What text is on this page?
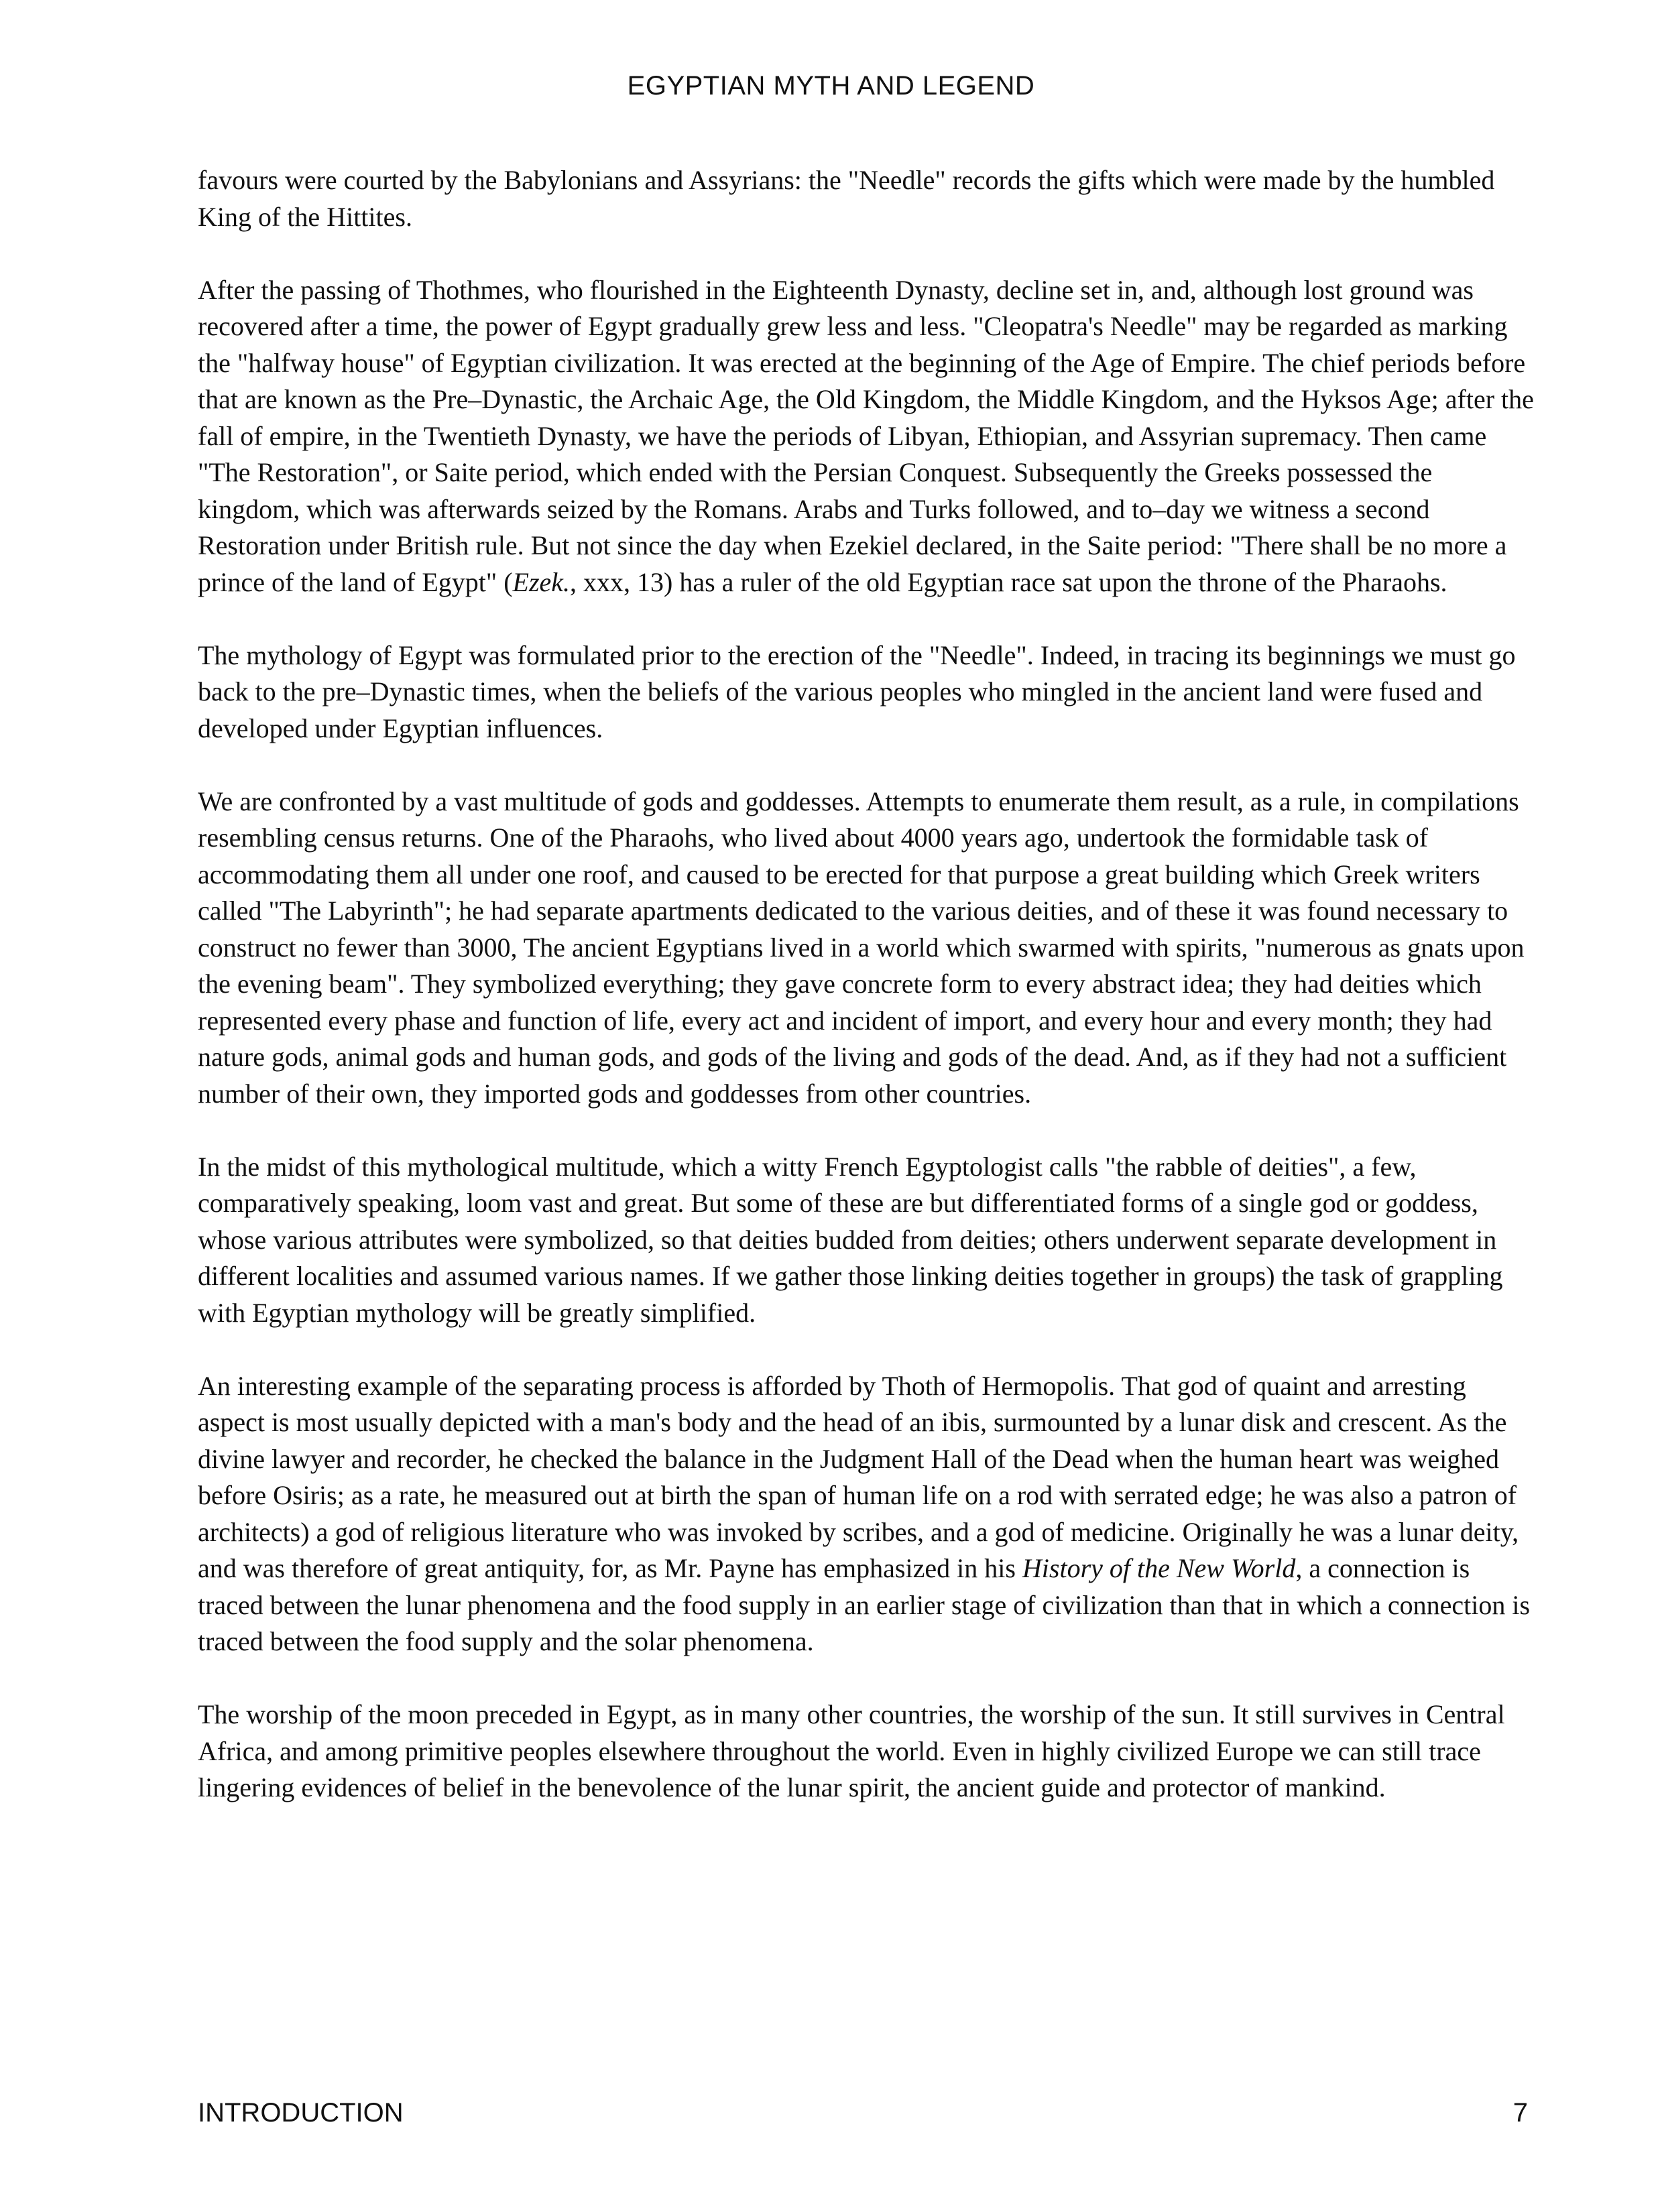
EGYPTIAN MYTH AND LEGEND

favours were courted by the Babylonians and Assyrians: the "Needle" records the gifts which were made by the humbled King of the Hittites.

After the passing of Thothmes, who flourished in the Eighteenth Dynasty, decline set in, and, although lost ground was recovered after a time, the power of Egypt gradually grew less and less. "Cleopatra's Needle" may be regarded as marking the "halfway house" of Egyptian civilization. It was erected at the beginning of the Age of Empire. The chief periods before that are known as the Pre–Dynastic, the Archaic Age, the Old Kingdom, the Middle Kingdom, and the Hyksos Age; after the fall of empire, in the Twentieth Dynasty, we have the periods of Libyan, Ethiopian, and Assyrian supremacy. Then came "The Restoration", or Saite period, which ended with the Persian Conquest. Subsequently the Greeks possessed the kingdom, which was afterwards seized by the Romans. Arabs and Turks followed, and to–day we witness a second Restoration under British rule. But not since the day when Ezekiel declared, in the Saite period: "There shall be no more a prince of the land of Egypt" (Ezek., xxx, 13) has a ruler of the old Egyptian race sat upon the throne of the Pharaohs.

The mythology of Egypt was formulated prior to the erection of the "Needle". Indeed, in tracing its beginnings we must go back to the pre–Dynastic times, when the beliefs of the various peoples who mingled in the ancient land were fused and developed under Egyptian influences.

We are confronted by a vast multitude of gods and goddesses. Attempts to enumerate them result, as a rule, in compilations resembling census returns. One of the Pharaohs, who lived about 4000 years ago, undertook the formidable task of accommodating them all under one roof, and caused to be erected for that purpose a great building which Greek writers called "The Labyrinth"; he had separate apartments dedicated to the various deities, and of these it was found necessary to construct no fewer than 3000, The ancient Egyptians lived in a world which swarmed with spirits, "numerous as gnats upon the evening beam". They symbolized everything; they gave concrete form to every abstract idea; they had deities which represented every phase and function of life, every act and incident of import, and every hour and every month; they had nature gods, animal gods and human gods, and gods of the living and gods of the dead. And, as if they had not a sufficient number of their own, they imported gods and goddesses from other countries.

In the midst of this mythological multitude, which a witty French Egyptologist calls "the rabble of deities", a few, comparatively speaking, loom vast and great. But some of these are but differentiated forms of a single god or goddess, whose various attributes were symbolized, so that deities budded from deities; others underwent separate development in different localities and assumed various names. If we gather those linking deities together in groups) the task of grappling with Egyptian mythology will be greatly simplified.

An interesting example of the separating process is afforded by Thoth of Hermopolis. That god of quaint and arresting aspect is most usually depicted with a man's body and the head of an ibis, surmounted by a lunar disk and crescent. As the divine lawyer and recorder, he checked the balance in the Judgment Hall of the Dead when the human heart was weighed before Osiris; as a rate, he measured out at birth the span of human life on a rod with serrated edge; he was also a patron of architects) a god of religious literature who was invoked by scribes, and a god of medicine. Originally he was a lunar deity, and was therefore of great antiquity, for, as Mr. Payne has emphasized in his History of the New World, a connection is traced between the lunar phenomena and the food supply in an earlier stage of civilization than that in which a connection is traced between the food supply and the solar phenomena.

The worship of the moon preceded in Egypt, as in many other countries, the worship of the sun. It still survives in Central Africa, and among primitive peoples elsewhere throughout the world. Even in highly civilized Europe we can still trace lingering evidences of belief in the benevolence of the lunar spirit, the ancient guide and protector of mankind.

INTRODUCTION	7
